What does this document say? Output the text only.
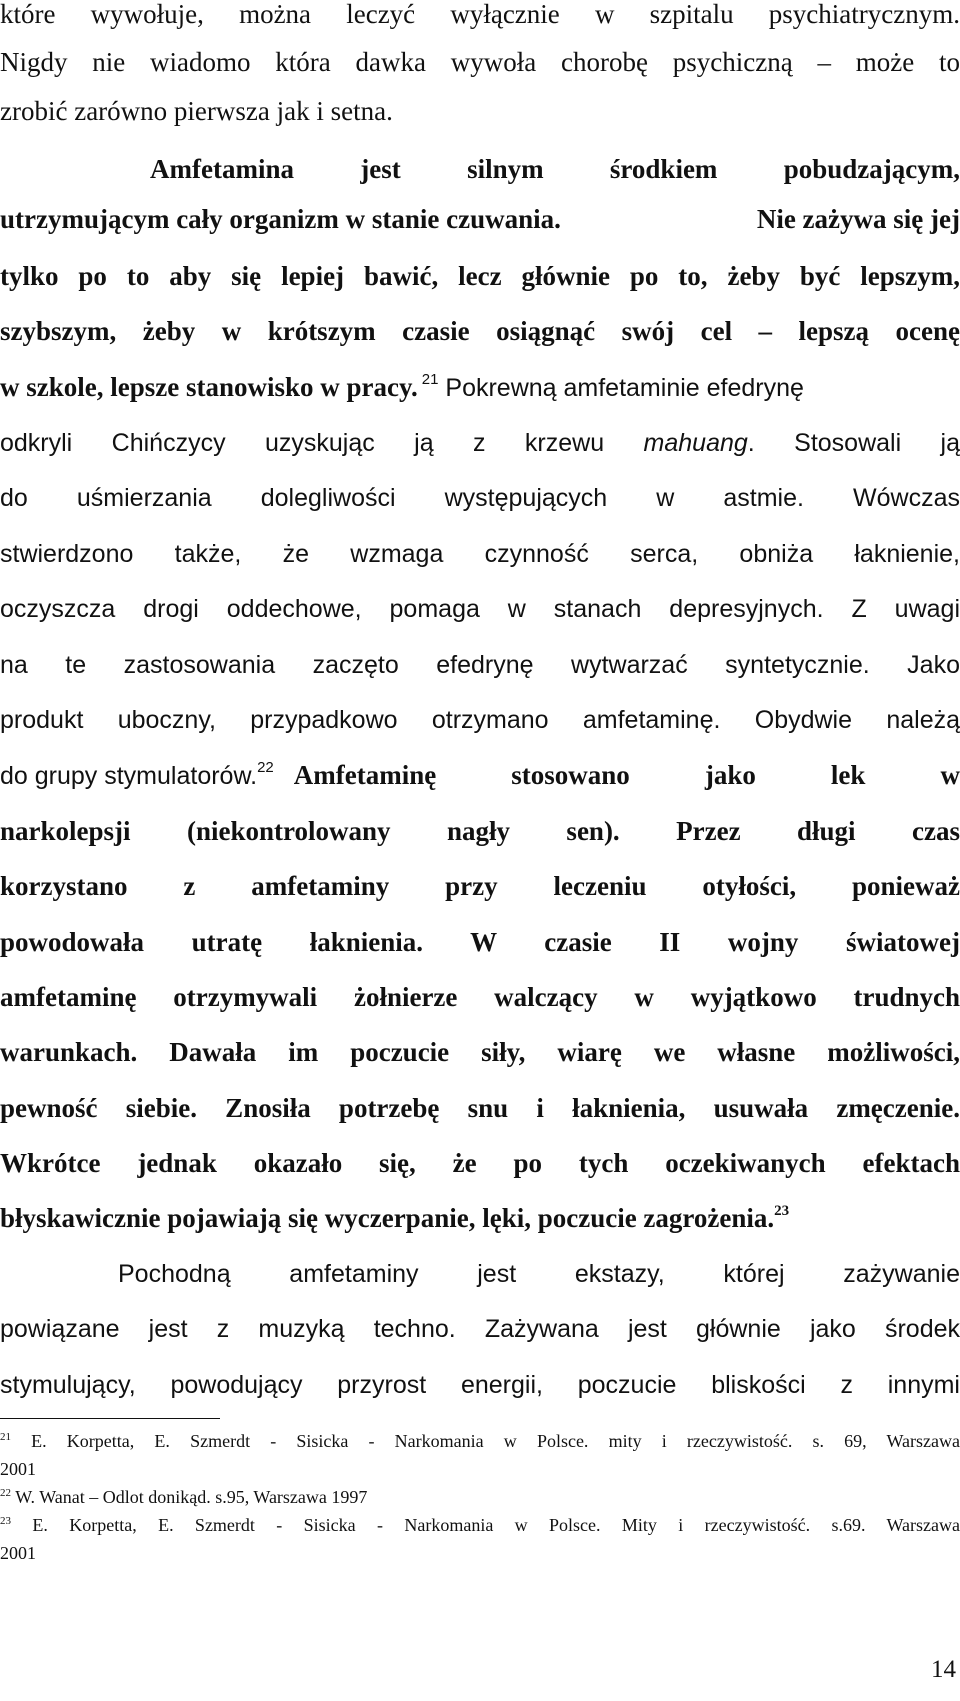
które wywołuje, można leczyć wyłącznie w szpitalu psychiatrycznym.
Nigdy nie wiadomo która dawka wywoła chorobę psychiczną – może to
zrobić zarówno pierwsza jak i setna.
Amfetamina jest silnym środkiem pobudzającym,
utrzymującym cały organizm w stanie czuwania.	Nie zażywa się jej
tylko po to aby się lepiej bawić, lecz głównie po to, żeby być lepszym,
szybszym, żeby w krótszym czasie osiągnąć swój cel – lepszą ocenę
w szkole, lepsze stanowisko w pracy. $^{21}$ Pokrewną amfetaminie efedrynę
odkryli Chińczycy uzyskując ją z krzewu mahuang. Stosowali ją
do uśmierzania dolegliwości występujących w astmie. Wówczas
stwierdzono także, że wzmaga czynność serca, obniża łaknienie,
oczyszcza drogi oddechowe, pomaga w stanach depresyjnych. Z uwagi
na te zastosowania zaczęto efedrynę wytwarzać syntetycznie. Jako
produkt uboczny, przypadkowo otrzymano amfetaminę. Obydwie należą
do grupy stymulatorów.$^{22}$ Amfetaminę stosowano jako lek w
narkolepsji (niekontrolowany nagły sen). Przez długi czas
korzystano z amfetaminy przy leczeniu otyłości, ponieważ
powodowała utratę łaknienia. W czasie II wojny światowej
amfetaminę otrzymywali żołnierze walczący w wyjątkowo trudnych
warunkach. Dawała im poczucie siły, wiarę we własne możliwości,
pewność siebie. Znosiła potrzebę snu i łaknienia, usuwała zmęczenie.
Wkrótce jednak okazało się, że po tych oczekiwanych efektach
błyskawicznie pojawiają się wyczerpanie, lęki, poczucie zagrożenia.$^{23}$
Pochodną amfetaminy jest ekstazy, której zażywanie
powiązane jest z muzyką techno. Zażywana jest głównie jako środek
stymulujący, powodujący przyrost energii, poczucie bliskości z innymi
$^{21}$ E. Korpetta, E. Szmerdt - Sisicka - Narkomania w Polsce. mity i rzeczywistość. s. 69, Warszawa
2001
$^{22}$ W. Wanat – Odlot donikąd. s.95, Warszawa 1997
$^{23}$ E. Korpetta, E. Szmerdt - Sisicka - Narkomania w Polsce. Mity i rzeczywistość. s.69. Warszawa
2001
14
